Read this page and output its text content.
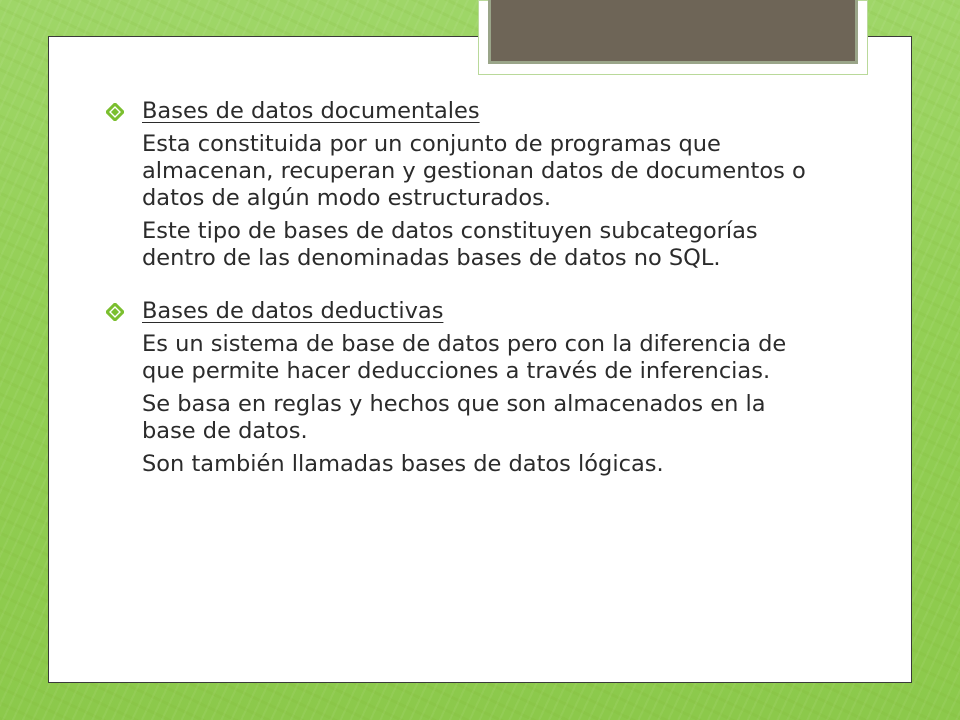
Bases de datos documentales

Esta constituida por un conjunto de programas que almacenan, recuperan y gestionan datos de documentos o datos de algún modo estructurados.

Este tipo de bases de datos constituyen subcategorías dentro de las denominadas bases de datos no SQL.

Bases de datos deductivas

Es un sistema de base de datos pero con la diferencia de que permite hacer deducciones a través de inferencias.

Se basa en reglas y hechos que son almacenados en la base de datos.

Son también llamadas bases de datos lógicas.
